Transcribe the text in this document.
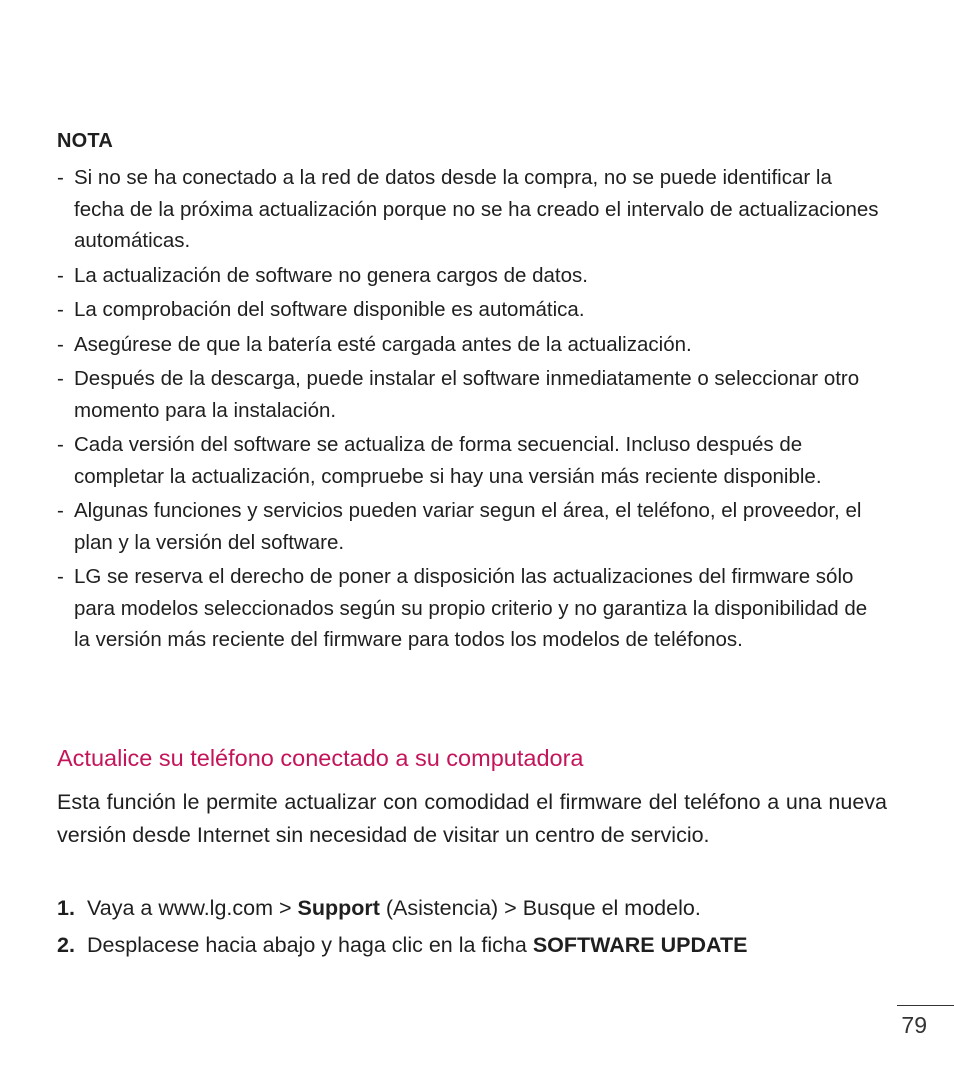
NOTA
- Si no se ha conectado a la red de datos desde la compra, no se puede identificar la fecha de la próxima actualización porque no se ha creado el intervalo de actualizaciones automáticas.
- La actualización de software no genera cargos de datos.
- La comprobación del software disponible es automática.
- Asegúrese de que la batería esté cargada antes de la actualización.
- Después de la descarga, puede instalar el software inmediatamente o seleccionar otro momento para la instalación.
- Cada versión del software se actualiza de forma secuencial. Incluso después de completar la actualización, compruebe si hay una versián más reciente disponible.
- Algunas funciones y servicios pueden variar segun el área, el teléfono, el proveedor, el plan y la versión del software.
- LG se reserva el derecho de poner a disposición las actualizaciones del firmware sólo para modelos seleccionados según su propio criterio y no garantiza la disponibilidad de la versión más reciente del firmware para todos los modelos de teléfonos.
Actualice su teléfono conectado a su computadora

Esta función le permite actualizar con comodidad el firmware del teléfono a una nueva versión desde Internet sin necesidad de visitar un centro de servicio.

1. Vaya a www.lg.com > Support (Asistencia) > Busque el modelo.
2. Desplacese hacia abajo y haga clic en la ficha SOFTWARE UPDATE
79
